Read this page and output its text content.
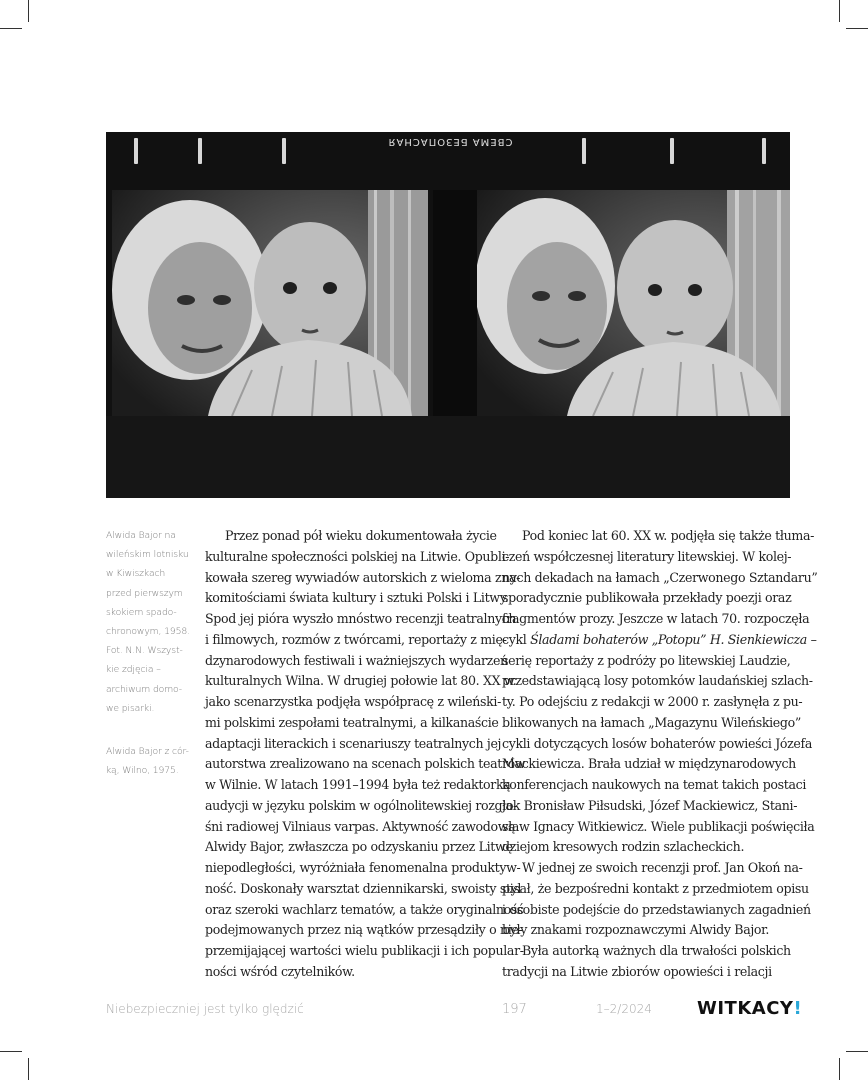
СВЕМА БЕЗОПАСНАЯ
Alwida Bajor na
wileńskim lotnisku
w Kiwiszkach
przed pierwszym
skokiem spado-
chronowym, 1958.
Fot. N.N. Wszyst-
kie zdjęcia –
archiwum domo-
we pisarki.
Alwida Bajor z cór-
ką, Wilno, 1975.
Przez ponad pół wieku dokumentowała życie
kulturalne społeczności polskiej na Litwie. Opubli-
kowała szereg wywiadów autorskich z wieloma zna-
komitościami świata kultury i sztuki Polski i Litwy.
Spod jej pióra wyszło mnóstwo recenzji teatralnych
i filmowych, rozmów z twórcami, reportaży z mię-
dzynarodowych festiwali i ważniejszych wydarzeń
kulturalnych Wilna. W drugiej połowie lat 80. XX w.
jako scenarzystka podjęła współpracę z wileński-
mi polskimi zespołami teatralnymi, a kilkanaście
adaptacji literackich i scenariuszy teatralnych jej
autorstwa zrealizowano na scenach polskich teatrów
w Wilnie. W latach 1991–1994 była też redaktorką
audycji w języku polskim w ogólnolitewskiej rozgło-
śni radiowej Vilniaus varpas. Aktywność zawodową
Alwidy Bajor, zwłaszcza po odzyskaniu przez Litwę
niepodległości, wyróżniała fenomenalna produktyw-
ność. Doskonały warsztat dziennikarski, swoisty styl
oraz szeroki wachlarz tematów, a także oryginalność
podejmowanych przez nią wątków przesądziły o nie-
przemijającej wartości wielu publikacji i ich popular-
ności wśród czytelników.
Pod koniec lat 60. XX w. podjęła się także tłuma-
czeń współczesnej literatury litewskiej. W kolej-
nych dekadach na łamach „Czerwonego Sztandaru”
sporadycznie publikowała przekłady poezji oraz
fragmentów prozy. Jeszcze w latach 70. rozpoczęła
cykl Śladami bohaterów „Potopu” H. Sienkiewicza –
serię reportaży z podróży po litewskiej Laudzie,
przedstawiającą losy potomków laudańskiej szlach-
ty. Po odejściu z redakcji w 2000 r. zasłynęła z pu-
blikowanych na łamach „Magazynu Wileńskiego”
cykli dotyczących losów bohaterów powieści Józefa
Mackiewicza. Brała udział w międzynarodowych
konferencjach naukowych na temat takich postaci
jak Bronisław Piłsudski, Józef Mackiewicz, Stani-
sław Ignacy Witkiewicz. Wiele publikacji poświęciła
dziejom kresowych rodzin szlacheckich.
W jednej ze swoich recenzji prof. Jan Okoń na-
pisał, że bezpośredni kontakt z przedmiotem opisu
i osobiste podejście do przedstawianych zagadnień
były znakami rozpoznawczymi Alwidy Bajor.
Była autorką ważnych dla trwałości polskich
tradycji na Litwie zbiorów opowieści i relacji
Niebezpieczniej jest tylko ględzić	197	1–2/2024	WITKACY!
